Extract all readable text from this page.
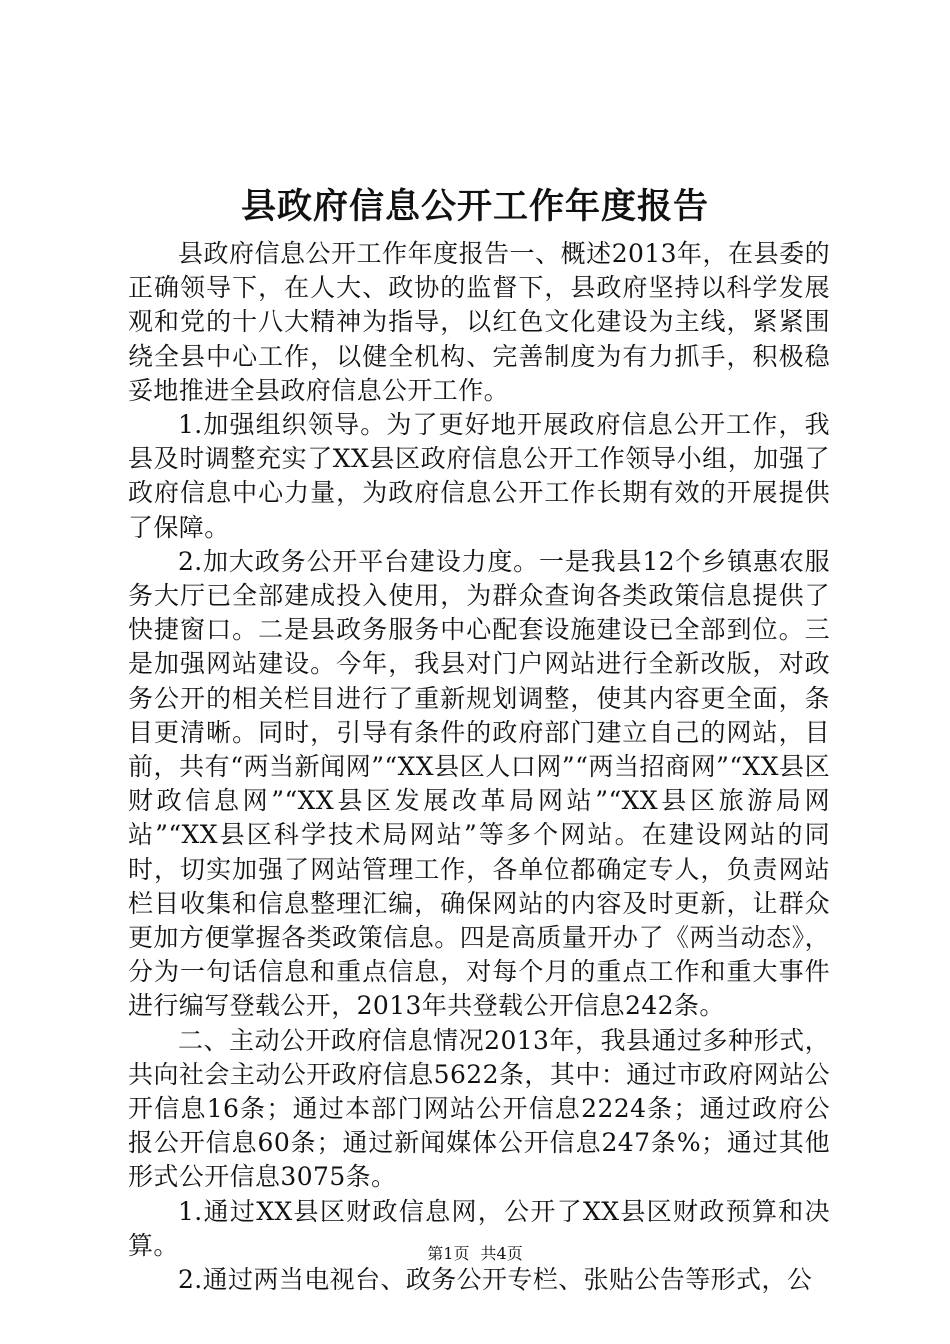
县政府信息公开工作年度报告

县政府信息公开工作年度报告一、概述2013年，在县委的正确领导下，在人大、政协的监督下，县政府坚持以科学发展观和党的十八大精神为指导，以红色文化建设为主线，紧紧围绕全县中心工作，以健全机构、完善制度为有力抓手，积极稳妥地推进全县政府信息公开工作。

1.加强组织领导。为了更好地开展政府信息公开工作，我县及时调整充实了XX县区政府信息公开工作领导小组，加强了政府信息中心力量，为政府信息公开工作长期有效的开展提供了保障。

2.加大政务公开平台建设力度。一是我县12个乡镇惠农服务大厅已全部建成投入使用，为群众查询各类政策信息提供了快捷窗口。二是县政务服务中心配套设施建设已全部到位。三是加强网站建设。今年，我县对门户网站进行全新改版，对政务公开的相关栏目进行了重新规划调整，使其内容更全面，条目更清晰。同时，引导有条件的政府部门建立自己的网站，目前，共有“两当新闻网”“XX县区人口网”“两当招商网”“XX县区财政信息网”“XX县区发展改革局网站”“XX县区旅游局网站”“XX县区科学技术局网站”等多个网站。在建设网站的同时，切实加强了网站管理工作，各单位都确定专人，负责网站栏目收集和信息整理汇编，确保网站的内容及时更新，让群众更加方便掌握各类政策信息。四是高质量开办了《两当动态》，分为一句话信息和重点信息，对每个月的重点工作和重大事件进行编写登载公开，2013年共登载公开信息242条。

二、主动公开政府信息情况2013年，我县通过多种形式，共向社会主动公开政府信息5622条，其中：通过市政府网站公开信息16条；通过本部门网站公开信息2224条；通过政府公报公开信息60条；通过新闻媒体公开信息247条%；通过其他形式公开信息3075条。

1.通过XX县区财政信息网，公开了XX县区财政预算和决算。

2.通过两当电视台、政务公开专栏、张贴公告等形式，公

第1页 共4页
